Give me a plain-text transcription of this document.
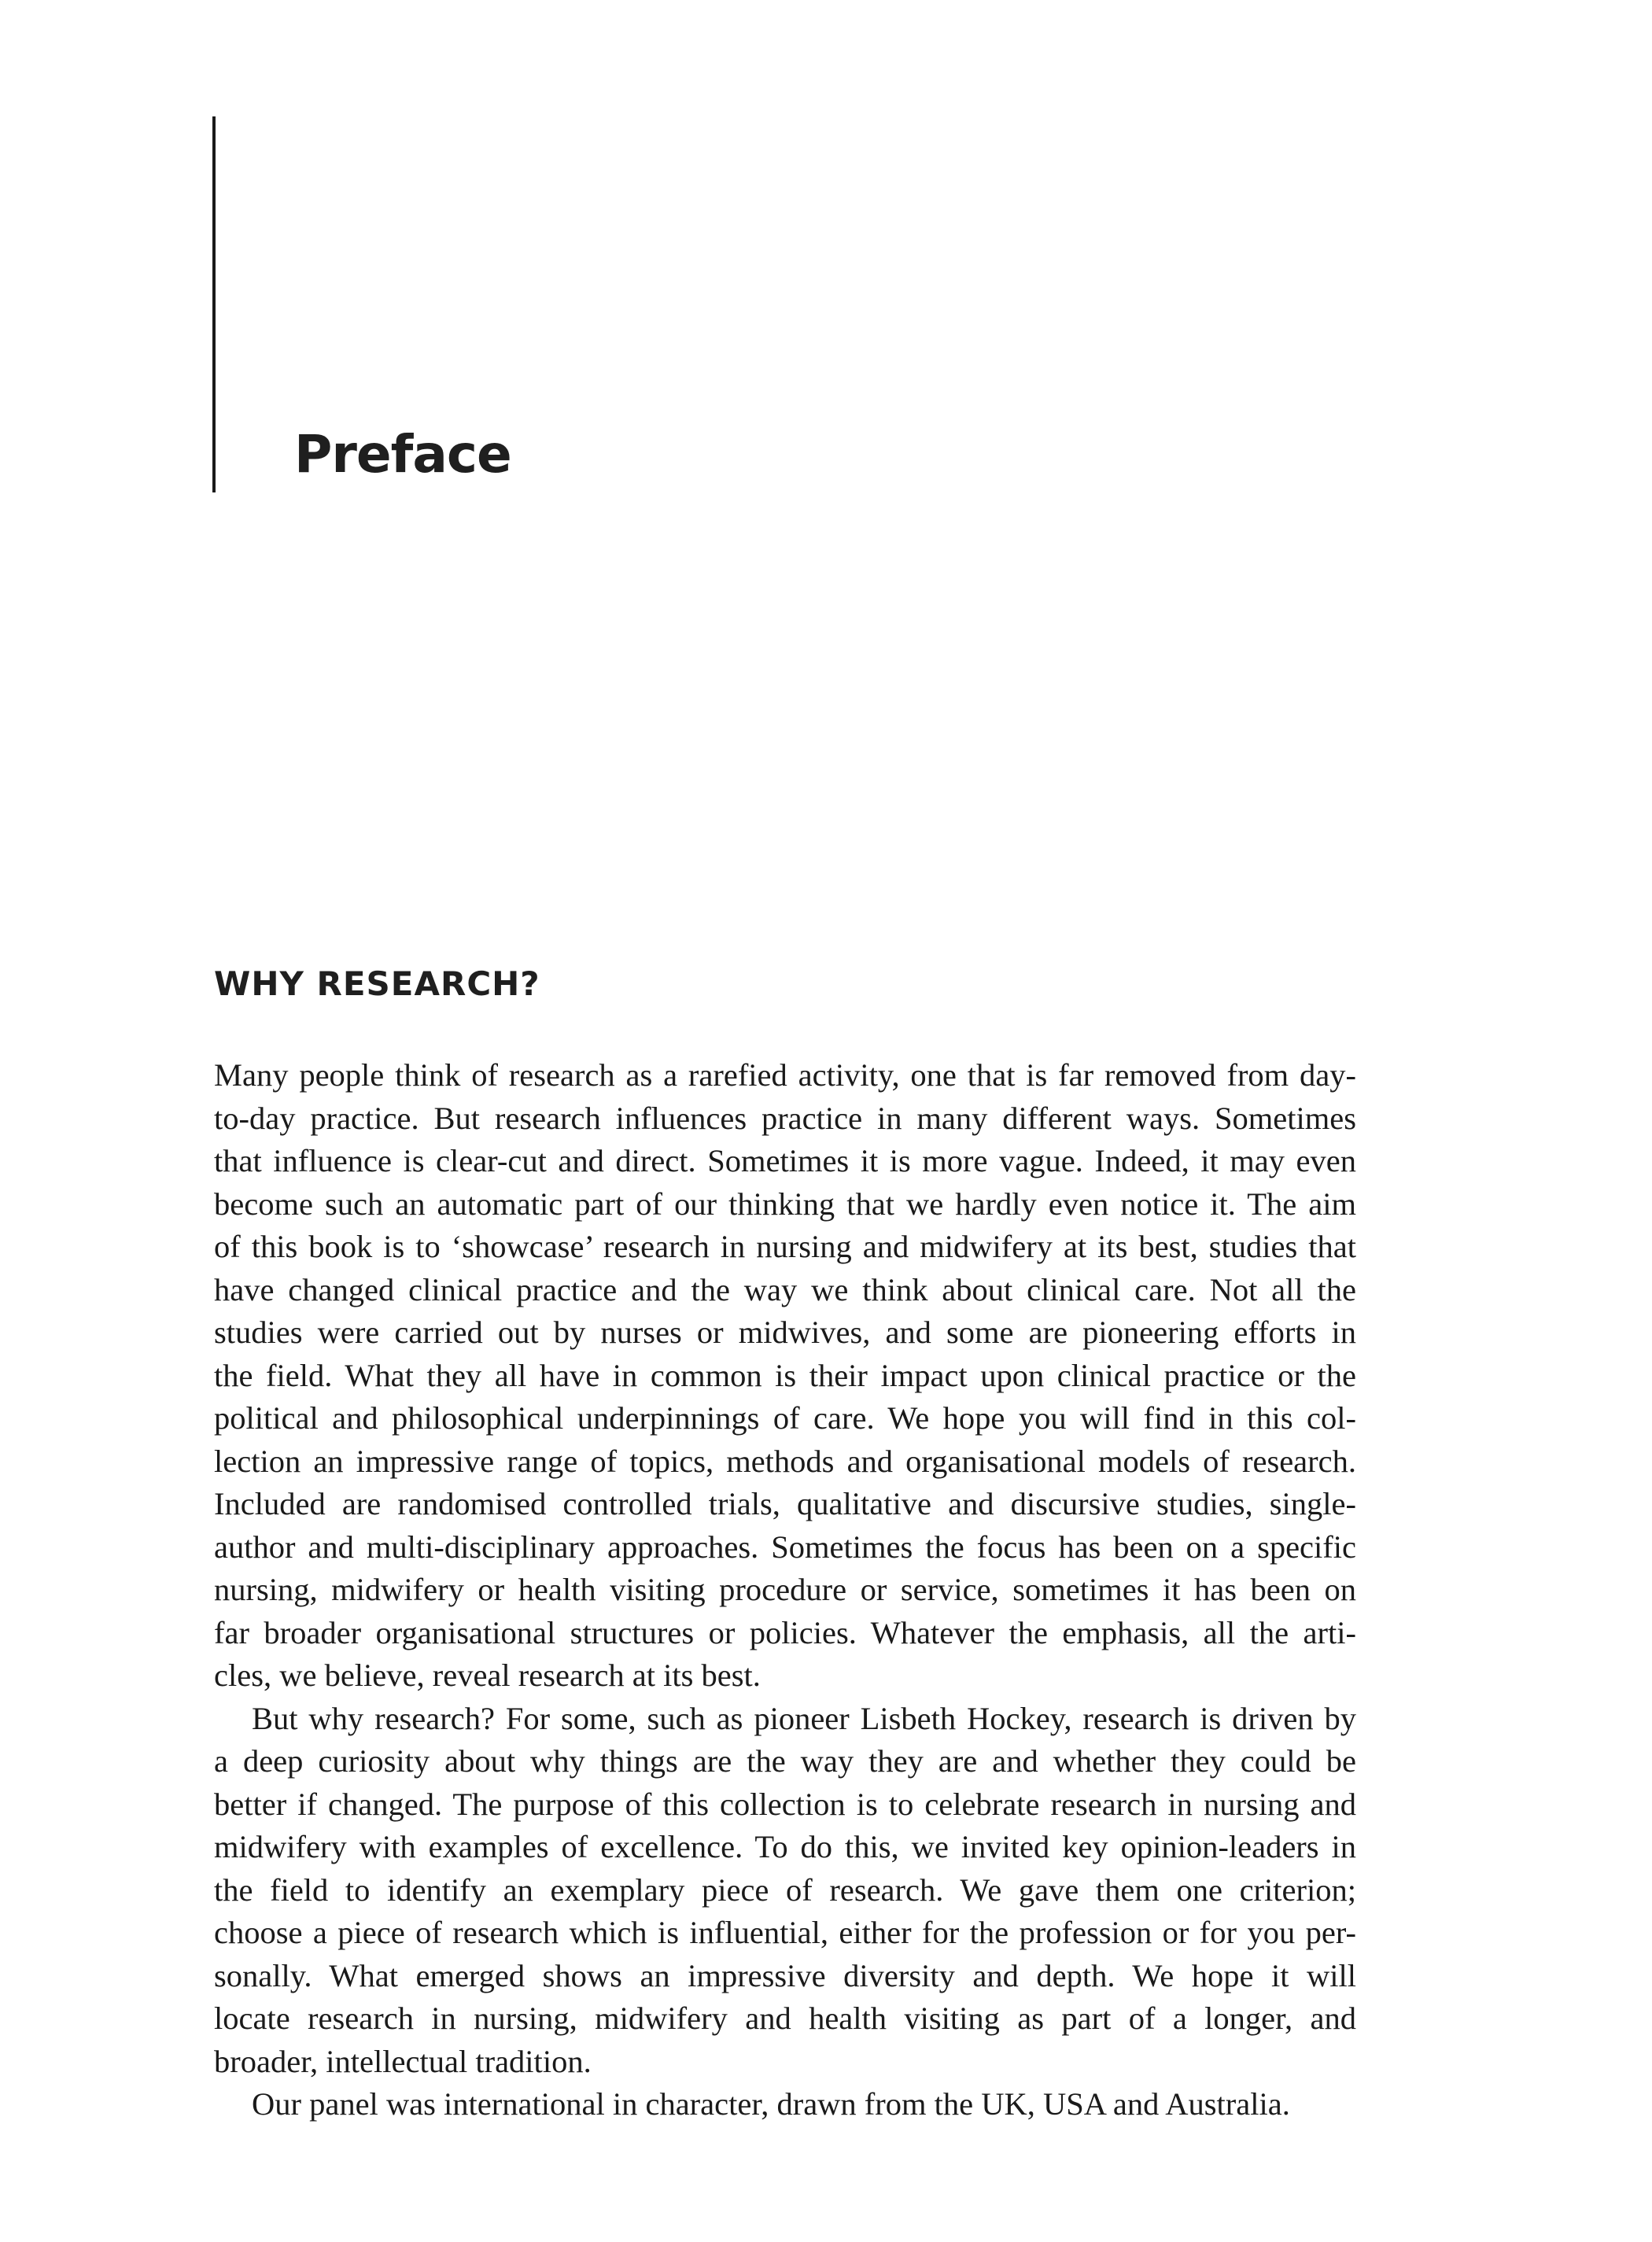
Preface
WHY RESEARCH?
Many people think of research as a rarefied activity, one that is far removed from day-
to-day practice. But research influences practice in many different ways. Sometimes
that influence is clear-cut and direct. Sometimes it is more vague. Indeed, it may even
become such an automatic part of our thinking that we hardly even notice it. The aim
of this book is to ‘showcase’ research in nursing and midwifery at its best, studies that
have changed clinical practice and the way we think about clinical care. Not all the
studies were carried out by nurses or midwives, and some are pioneering efforts in
the field. What they all have in common is their impact upon clinical practice or the
political and philosophical underpinnings of care. We hope you will find in this col-
lection an impressive range of topics, methods and organisational models of research.
Included are randomised controlled trials, qualitative and discursive studies, single-
author and multi-disciplinary approaches. Sometimes the focus has been on a specific
nursing, midwifery or health visiting procedure or service, sometimes it has been on
far broader organisational structures or policies. Whatever the emphasis, all the arti-
cles, we believe, reveal research at its best.
But why research? For some, such as pioneer Lisbeth Hockey, research is driven by
a deep curiosity about why things are the way they are and whether they could be
better if changed. The purpose of this collection is to celebrate research in nursing and
midwifery with examples of excellence. To do this, we invited key opinion-leaders in
the field to identify an exemplary piece of research. We gave them one criterion;
choose a piece of research which is influential, either for the profession or for you per-
sonally. What emerged shows an impressive diversity and depth. We hope it will
locate research in nursing, midwifery and health visiting as part of a longer, and
broader, intellectual tradition.
Our panel was international in character, drawn from the UK, USA and Australia.
